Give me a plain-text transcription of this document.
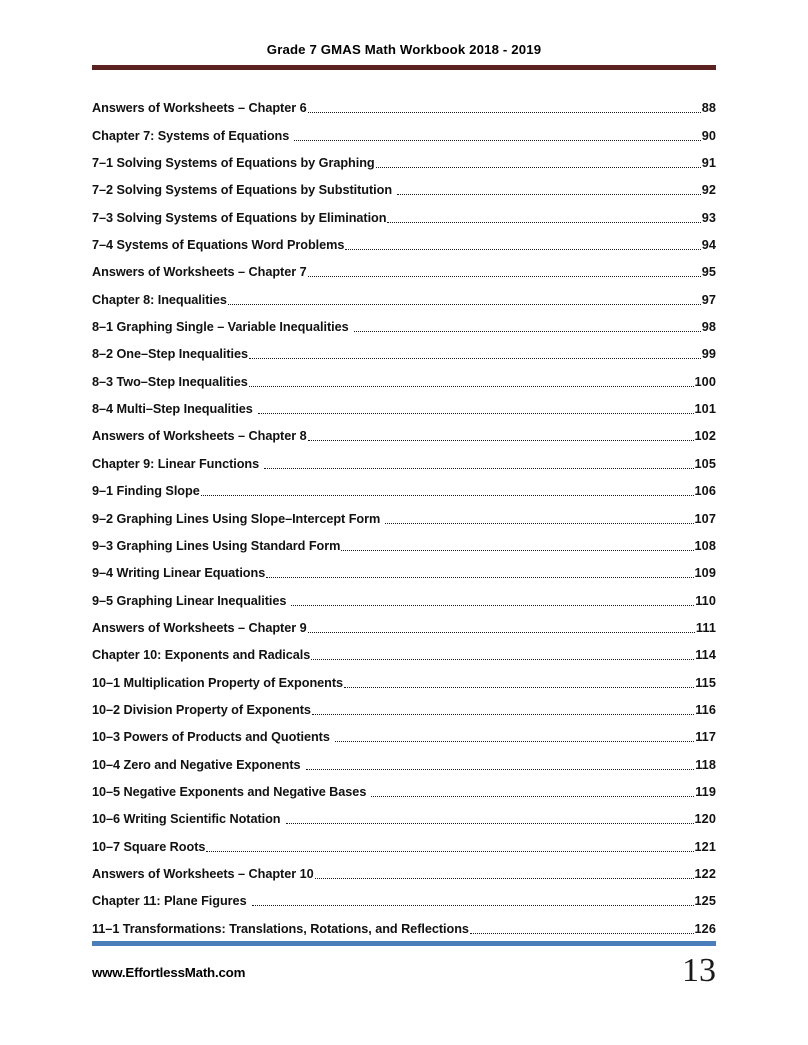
Grade 7 GMAS Math Workbook 2018 - 2019
Answers of Worksheets – Chapter 6	88
Chapter 7: Systems of Equations	90
7–1 Solving Systems of Equations by Graphing	91
7–2 Solving Systems of Equations by Substitution	92
7–3 Solving Systems of Equations by Elimination	93
7–4 Systems of Equations Word Problems	94
Answers of Worksheets – Chapter 7	95
Chapter 8: Inequalities	97
8–1 Graphing Single – Variable Inequalities	98
8–2 One–Step Inequalities	99
8–3 Two–Step Inequalities	100
8–4 Multi–Step Inequalities	101
Answers of Worksheets – Chapter 8	102
Chapter 9: Linear Functions	105
9–1 Finding Slope	106
9–2 Graphing Lines Using Slope–Intercept Form	107
9–3 Graphing Lines Using Standard Form	108
9–4 Writing Linear Equations	109
9–5 Graphing Linear Inequalities	110
Answers of Worksheets – Chapter 9	111
Chapter 10: Exponents and Radicals	114
10–1 Multiplication Property of Exponents	115
10–2 Division Property of Exponents	116
10–3 Powers of Products and Quotients	117
10–4 Zero and Negative Exponents	118
10–5 Negative Exponents and Negative Bases	119
10–6 Writing Scientific Notation	120
10–7 Square Roots	121
Answers of Worksheets – Chapter 10	122
Chapter 11: Plane Figures	125
11–1 Transformations: Translations, Rotations, and Reflections	126
www.EffortlessMath.com	13
